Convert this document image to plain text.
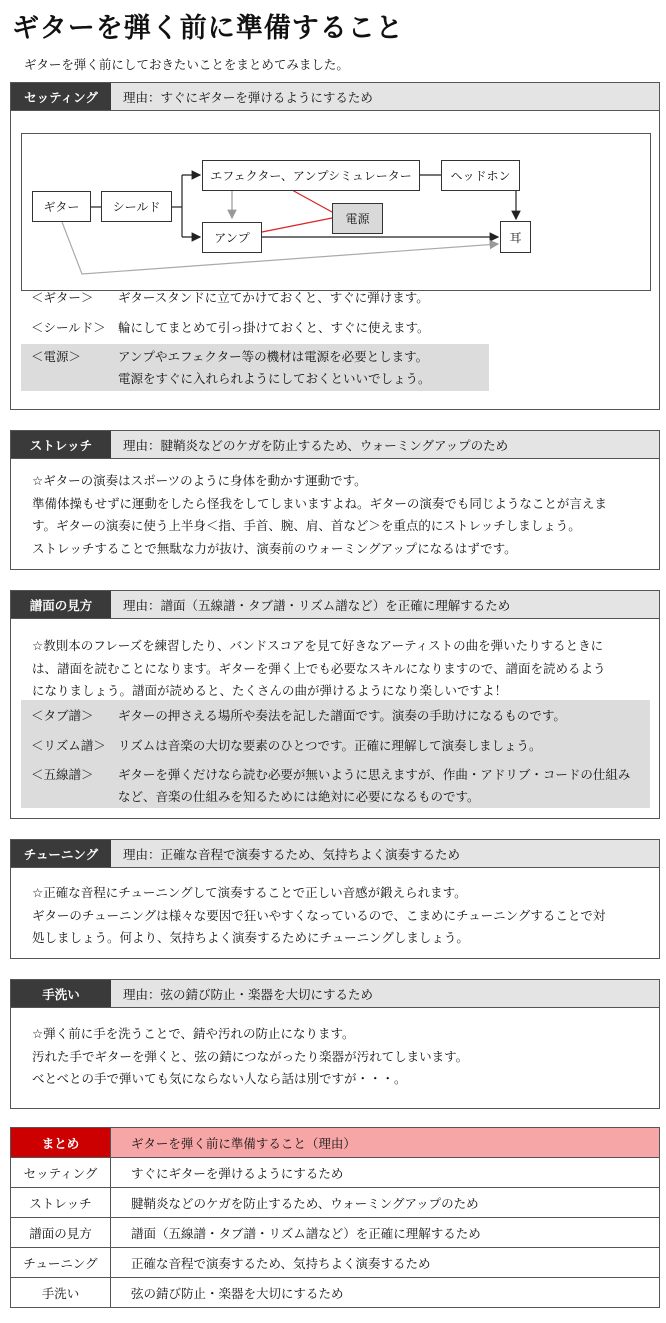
ギターを弾く前に準備すること
ギターを弾く前にしておきたいことをまとめてみました。
セッティング	理由：すぐにギターを弾けるようにするため
ギター	シールド
エフェクター、アンプシミュレーター	ヘッドホン
電源
アンプ	耳
＜ギター＞	ギタースタンドに立てかけておくと、すぐに弾けます。
＜シールド＞ 輪にしてまとめて引っ掛けておくと、すぐに使えます。
＜電源＞	アンプやエフェクター等の機材は電源を必要とします。
電源をすぐに入れられようにしておくといいでしょう。
ストレッチ	理由：腱鞘炎などのケガを防止するため、ウォーミングアップのため
☆ギターの演奏はスポーツのように身体を動かす運動です。
準備体操もせずに運動をしたら怪我をしてしまいますよね。ギターの演奏でも同じようなことが言えま
す。ギターの演奏に使う上半身＜指、手首、腕、肩、首など＞を重点的にストレッチしましょう。
ストレッチすることで無駄な力が抜け、演奏前のウォーミングアップになるはずです。
譜面の見方	理由：譜面（五線譜・タブ譜・リズム譜など）を正確に理解するため
☆教則本のフレーズを練習したり、バンドスコアを見て好きなアーティストの曲を弾いたりするときに
は、譜面を読むことになります。ギターを弾く上でも必要なスキルになりますので、譜面を読めるよう
になりましょう。譜面が読めると、たくさんの曲が弾けるようになり楽しいですよ！
＜タブ譜＞	ギターの押さえる場所や奏法を記した譜面です。演奏の手助けになるものです。
＜リズム譜＞ リズムは音楽の大切な要素のひとつです。正確に理解して演奏しましょう。
＜五線譜＞	ギターを弾くだけなら読む必要が無いように思えますが、作曲・アドリブ・コードの仕組み
など、音楽の仕組みを知るためには絶対に必要になるものです。
チューニング	理由：正確な音程で演奏するため、気持ちよく演奏するため
☆正確な音程にチューニングして演奏することで正しい音感が鍛えられます。
ギターのチューニングは様々な要因で狂いやすくなっているので、こまめにチューニングすることで対
処しましょう。何より、気持ちよく演奏するためにチューニングしましょう。
手洗い	理由：弦の錆び防止・楽器を大切にするため
☆弾く前に手を洗うことで、錆や汚れの防止になります。
汚れた手でギターを弾くと、弦の錆につながったり楽器が汚れてしまいます。
べとべとの手で弾いても気にならない人なら話は別ですが・・・。
まとめ	ギターを弾く前に準備すること（理由）
セッティング	すぐにギターを弾けるようにするため
ストレッチ	腱鞘炎などのケガを防止するため、ウォーミングアップのため
譜面の見方	譜面（五線譜・タブ譜・リズム譜など）を正確に理解するため
チューニング	正確な音程で演奏するため、気持ちよく演奏するため
手洗い	弦の錆び防止・楽器を大切にするため
